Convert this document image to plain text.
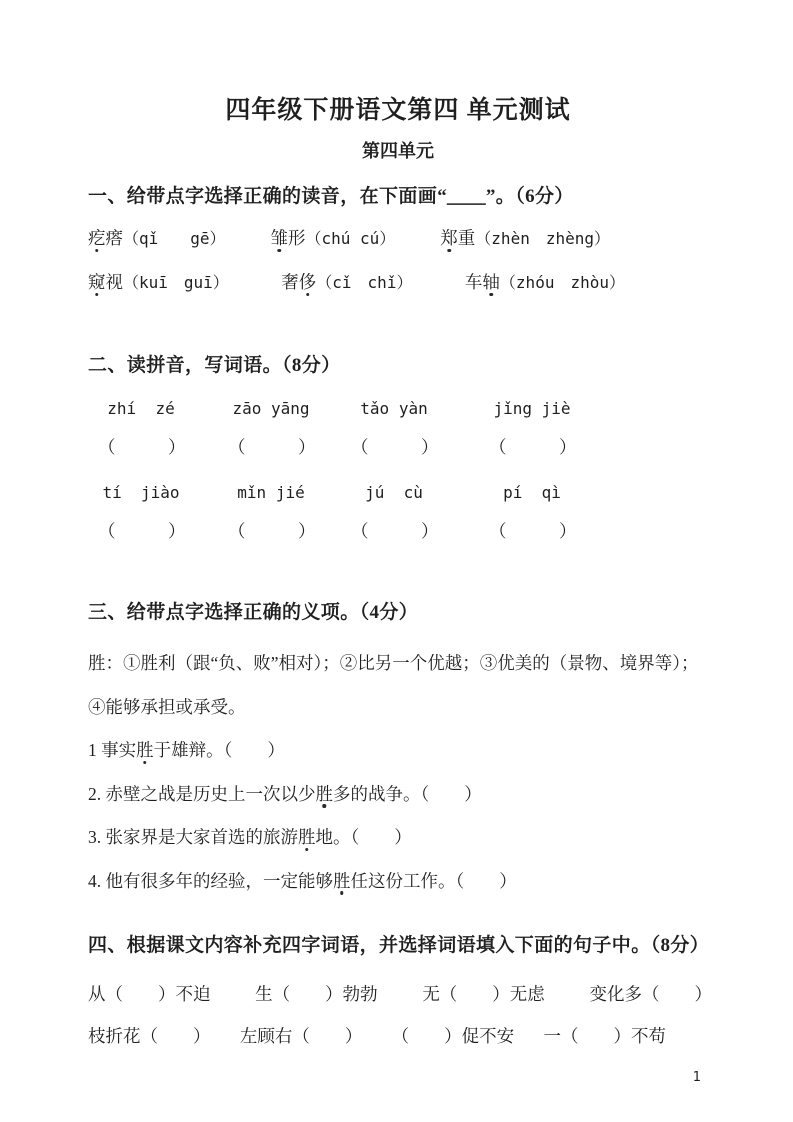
四年级下册语文第四 单元测试
第四单元
一、给带点字选择正确的读音，在下面画“＿＿”。（6分）
疙瘩（qǐ　　gē）	雏形（chú cú）	郑重（zhèn　zhèng）
窥视（kuī　guī）	奢侈（cǐ　chǐ）	车轴（zhóu　zhòu）
二、读拼音，写词语。（8分）
zhí  zé	zāo yāng	tǎo yàn	jǐng jiè
（　　　）	（　　　）	（　　　）	（　　　）
tí  jiào	mǐn jié	jú  cù	pí  qì
（　　　）	（　　　）	（　　　）	（　　　）
三、给带点字选择正确的义项。（4分）
胜：①胜利（跟“负、败”相对）；②比另一个优越；③优美的（景物、境界等）；④能够承担或承受。
1 事实胜于雄辩。（　　）
2. 赤壁之战是历史上一次以少胜多的战争。（　　）
3. 张家界是大家首选的旅游胜地。（　　）
4. 他有很多年的经验，一定能够胜任这份工作。（　　）
四、根据课文内容补充四字词语，并选择词语填入下面的句子中。（8分）
从（　　）不迫	生（　　）勃勃	无（　　）无虑	变化多（　　）
枝折花（　　） 左顾右（　　） （　　）促不安 一（　　）不苟
1
